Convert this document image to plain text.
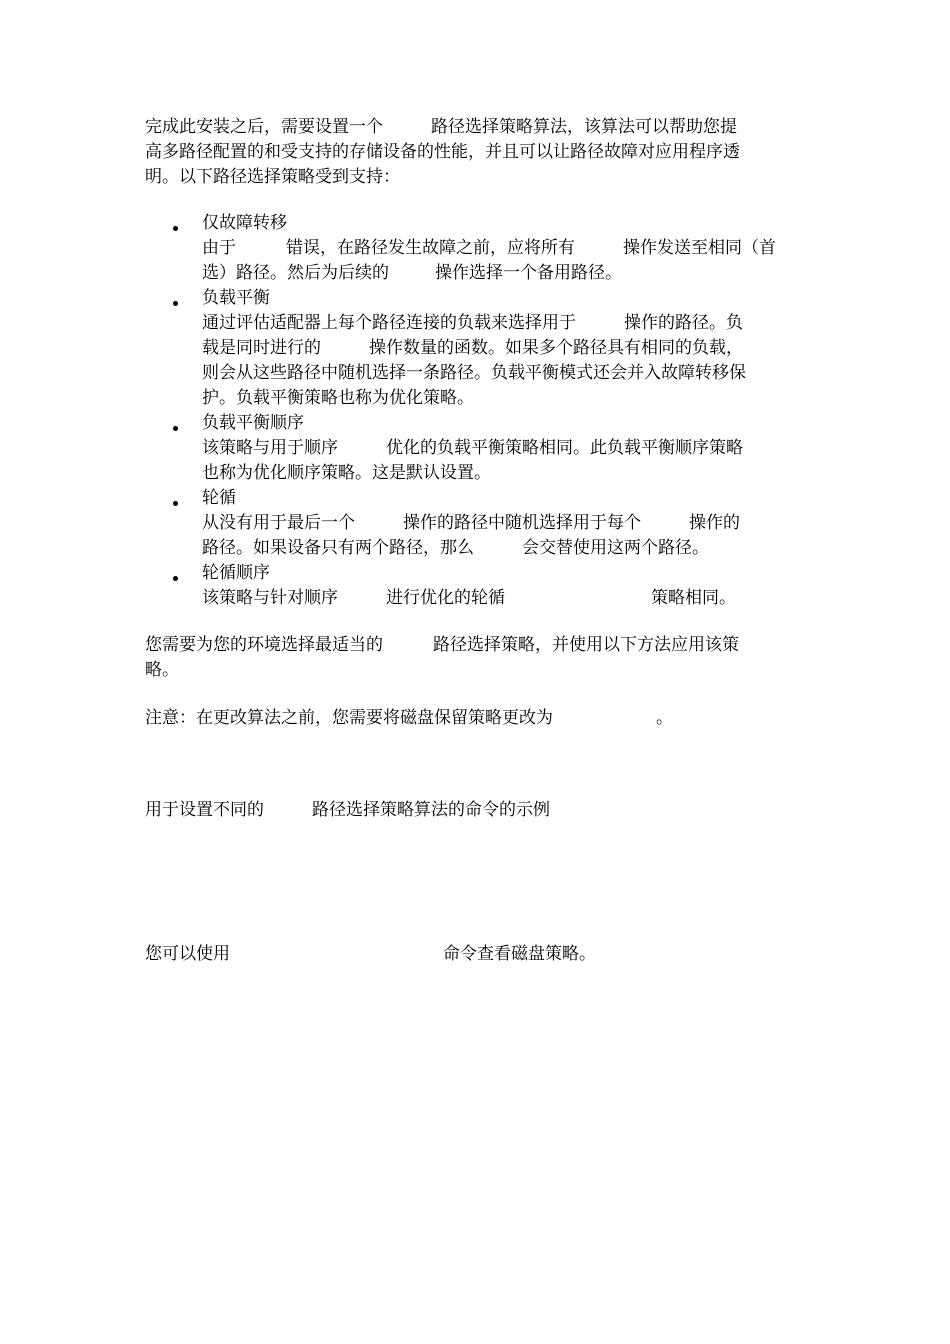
完成此安装之后，需要设置一个	路径选择策略算法，该算法可以帮助您提
高多路径配置的和受支持的存储设备的性能，并且可以让路径故障对应用程序透
明。以下路径选择策略受到支持：
仅故障转移
由于	错误，在路径发生故障之前，应将所有	操作发送至相同（首
选）路径。然后为后续的	操作选择一个备用路径。
负载平衡
通过评估适配器上每个路径连接的负载来选择用于	操作的路径。负
载是同时进行的	操作数量的函数。如果多个路径具有相同的负载，
则会从这些路径中随机选择一条路径。负载平衡模式还会并入故障转移保
护。负载平衡策略也称为优化策略。
负载平衡顺序
该策略与用于顺序	优化的负载平衡策略相同。此负载平衡顺序策略
也称为优化顺序策略。这是默认设置。
轮循
从没有用于最后一个	操作的路径中随机选择用于每个	操作的
路径。如果设备只有两个路径，那么	会交替使用这两个路径。
轮循顺序
该策略与针对顺序	进行优化的轮循	策略相同。
您需要为您的环境选择最适当的	路径选择策略，并使用以下方法应用该策
略。
注意：在更改算法之前，您需要将磁盘保留策略更改为	。
用于设置不同的	路径选择策略算法的命令的示例
您可以使用	命令查看磁盘策略。
